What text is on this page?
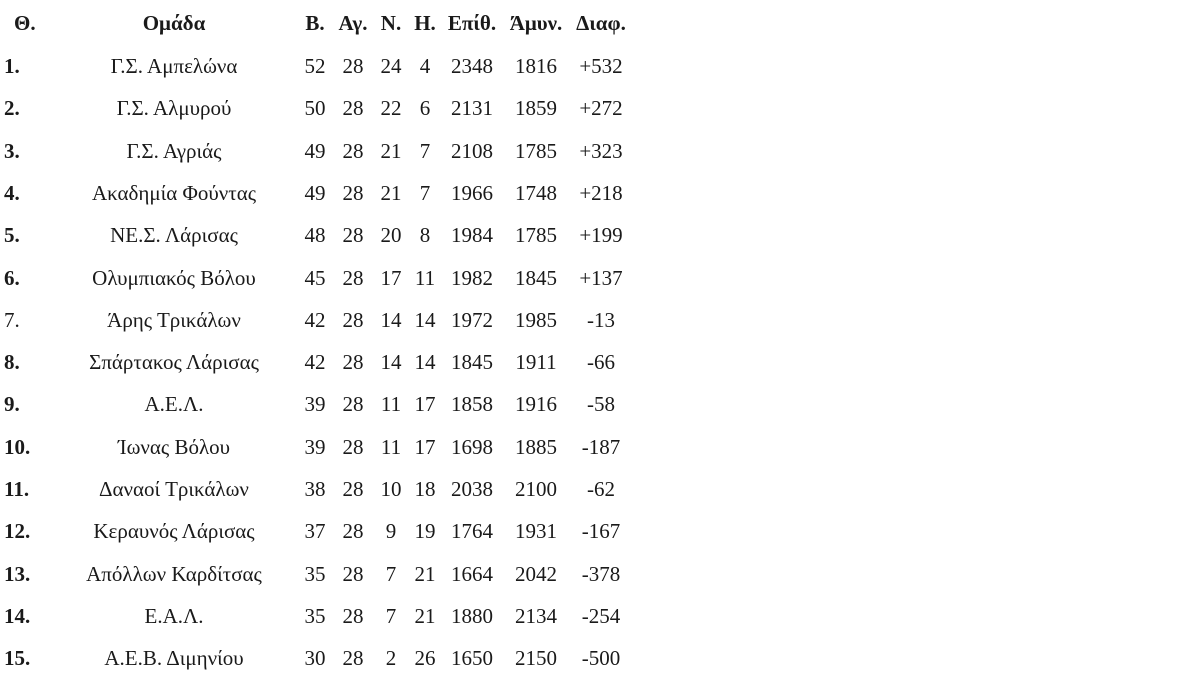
Θ.	Ομάδα	Β. Αγ. Ν. Η. Επίθ. Άμυν. Διαφ.
1.	Γ.Σ. Αμπελώνα	52 28 24 4 2348	1816	+532
2.	Γ.Σ. Αλμυρού	50 28 22 6 2131	1859	+272
3.	Γ.Σ. Αγριάς	49 28 21 7 2108	1785	+323
4.	Ακαδημία Φούντας	49 28 21 7 1966	1748	+218
5.	ΝΕ.Σ. Λάρισας	48 28 20 8 1984	1785	+199
6.	Ολυμπιακός Βόλου	45 28 17 11 1982	1845	+137
7.	Άρης Τρικάλων	42 28 14 14 1972	1985	-13
8.	Σπάρτακος Λάρισας	42 28 14 14 1845	1911	-66
9.	Α.Ε.Λ.	39 28 11 17 1858	1916	-58
10.	Ίωνας Βόλου	39 28 11 17 1698	1885	-187
11.	Δαναοί Τρικάλων	38 28 10 18 2038	2100	-62
12.	Κεραυνός Λάρισας	37 28	9 19 1764	1931	-167
13.	Απόλλων Καρδίτσας	35 28	7 21 1664	2042	-378
14.	Ε.Α.Λ.	35 28	7 21 1880	2134	-254
15.	Α.Ε.Β. Διμηνίου	30 28	2 26 1650	2150	-500
